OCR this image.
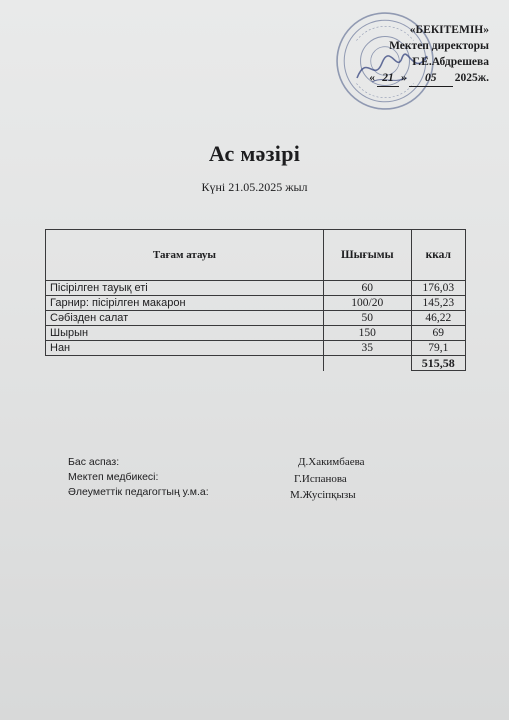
«БЕКІТЕМІН»
Мектеп директоры
Г.Е.Абдрешева
« 21 »	05	2025ж.
Ас мәзірі
Күні 21.05.2025 жыл
Тағам атауы	Шығымы	ккал
Пісірілген тауық еті	60	176,03
Гарнир: пісірілген макарон	100/20	145,23
Сәбізден салат	50	46,22
Шырын	150	69
Нан	35	79,1
		515,58
Бас аспаз:	Д.Хакимбаева
Мектеп медбикесі:	Г.Испанова
Әлеуметтік педагогтың у.м.а:	М.Жусіпқызы
